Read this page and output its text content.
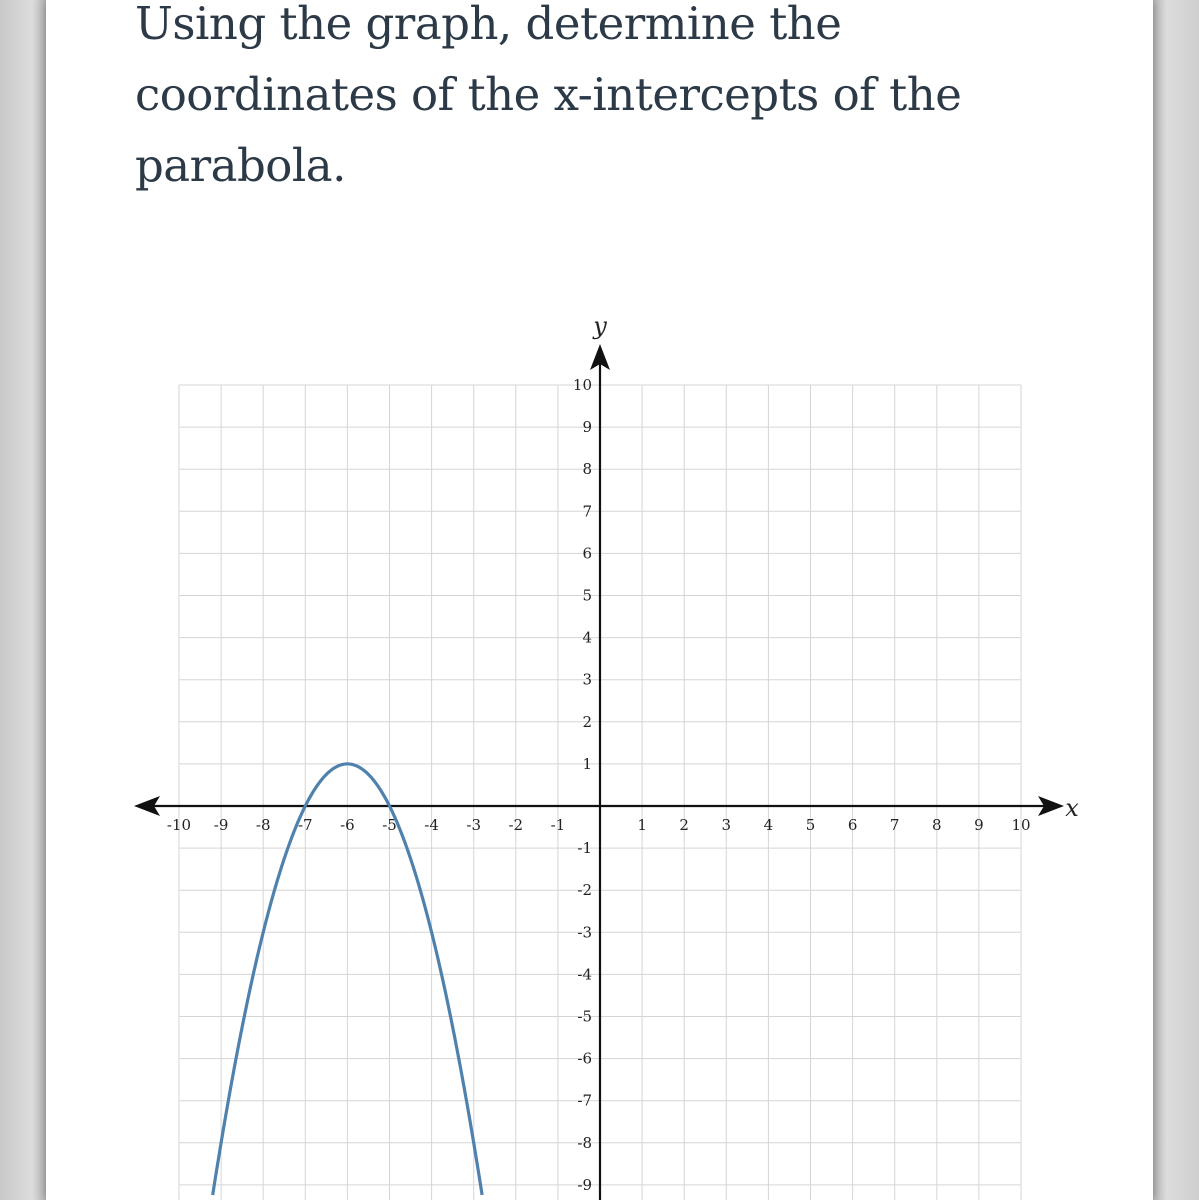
Using the graph, determine the coordinates of the x-intercepts of the parabola.
x
y
-10 -9 -8 -7 -6 -5 -4 -3 -2 -1	1 2 3 4 5 6 7 8 9 10
10
9
8
7
6
5
4
3
2
1
-1
-2
-3
-4
-5
-6
-7
-8
-9
